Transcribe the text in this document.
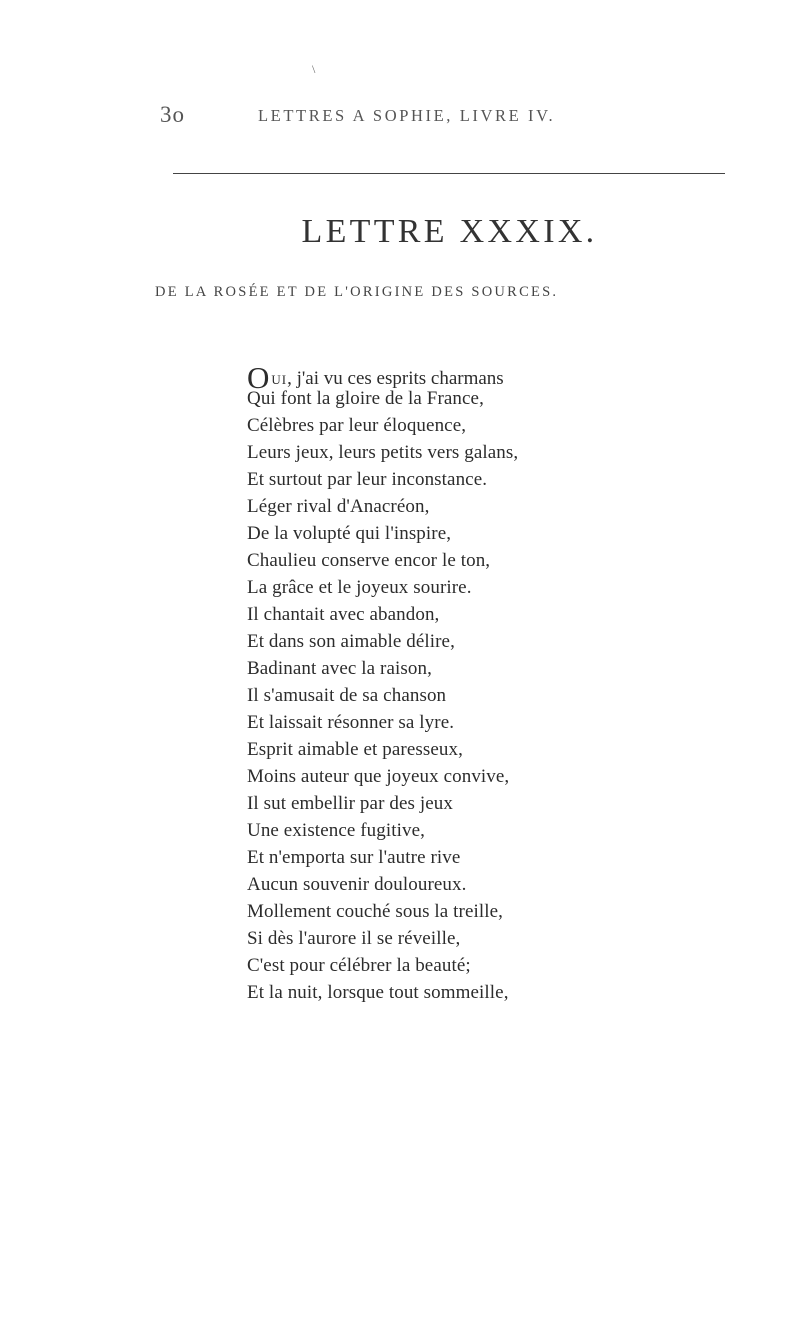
\
3o	LETTRES A SOPHIE, LIVRE IV.
LETTRE XXXIX.
DE LA ROSÉE ET DE L'ORIGINE DES SOURCES.
OUI, j'ai vu ces esprits charmans
Qui font la gloire de la France,
Célèbres par leur éloquence,
Leurs jeux, leurs petits vers galans,
Et surtout par leur inconstance.
Léger rival d'Anacréon,
De la volupté qui l'inspire,
Chaulieu conserve encor le ton,
La grâce et le joyeux sourire.
Il chantait avec abandon,
Et dans son aimable délire,
Badinant avec la raison,
Il s'amusait de sa chanson
Et laissait résonner sa lyre.
Esprit aimable et paresseux,
Moins auteur que joyeux convive,
Il sut embellir par des jeux
Une existence fugitive,
Et n'emporta sur l'autre rive
Aucun souvenir douloureux.
Mollement couché sous la treille,
Si dès l'aurore il se réveille,
C'est pour célébrer la beauté;
Et la nuit, lorsque tout sommeille,
